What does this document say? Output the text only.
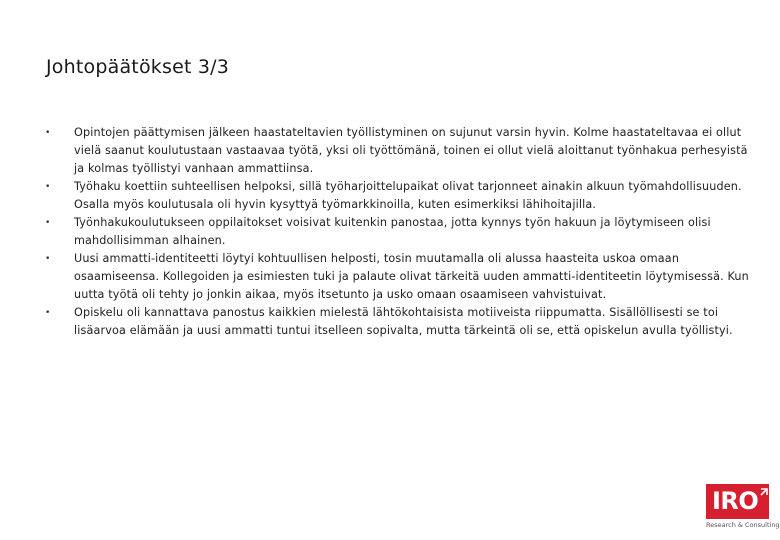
Johtopäätökset 3/3
• Opintojen päättymisen jälkeen haastateltavien työllistyminen on sujunut varsin hyvin. Kolme haastateltavaa ei ollut vielä saanut koulutustaan vastaavaa työtä, yksi oli työttömänä, toinen ei ollut vielä aloittanut työnhakua perhesyistä ja kolmas työllistyi vanhaan ammattiinsa.
• Työhaku koettiin suhteellisen helpoksi, sillä työharjoittelupaikat olivat tarjonneet ainakin alkuun työmahdollisuuden. Osalla myös koulutusala oli hyvin kysyttyä työmarkkinoilla, kuten esimerkiksi lähihoitajilla.
• Työnhakukoulutukseen oppilaitokset voisivat kuitenkin panostaa, jotta kynnys työn hakuun ja löytymiseen olisi mahdollisimman alhainen.
• Uusi ammatti-identiteetti löytyi kohtuullisen helposti, tosin muutamalla oli alussa haasteita uskoa omaan osaamiseensa. Kollegoiden ja esimiesten tuki ja palaute olivat tärkeitä uuden ammatti-identiteetin löytymisessä. Kun uutta työtä oli tehty jo jonkin aikaa, myös itsetunto ja usko omaan osaamiseen vahvistuivat.
• Opiskelu oli kannattava panostus kaikkien mielestä lähtökohtaisista motiiveista riippumatta. Sisällöllisesti se toi lisäarvoa elämään ja uusi ammatti tuntui itselleen sopivalta, mutta tärkeintä oli se, että opiskelun avulla työllistyi.
IRO
Research & Consulting
